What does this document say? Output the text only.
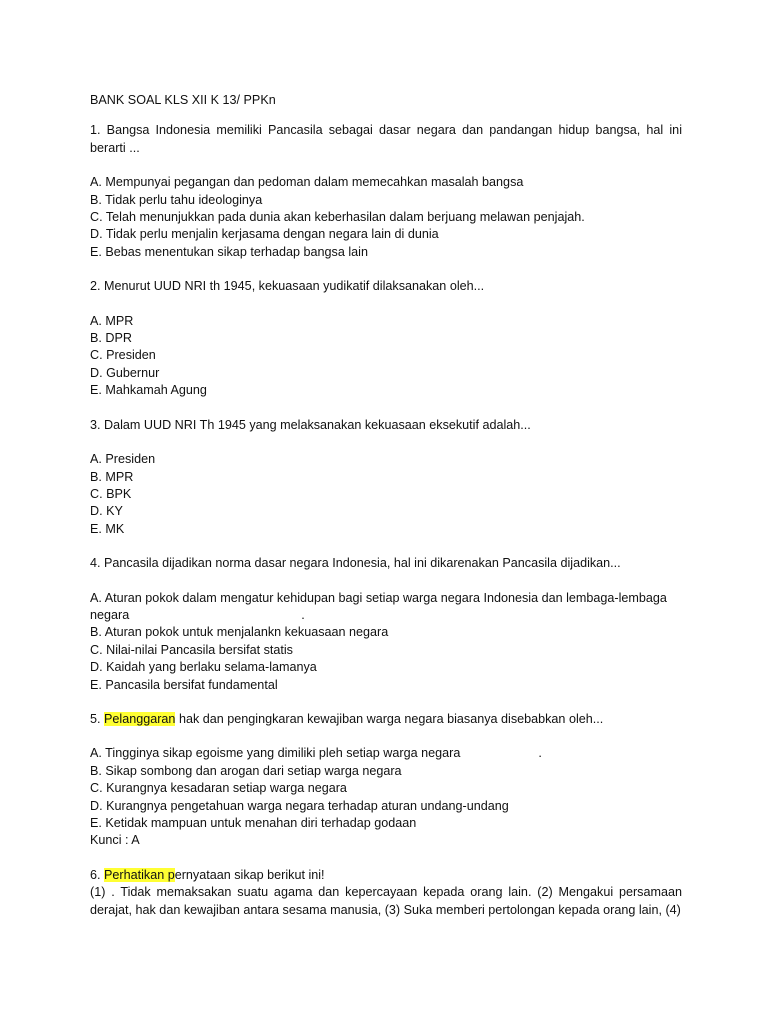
BANK SOAL KLS XII K 13/ PPKn
1. Bangsa Indonesia memiliki Pancasila sebagai dasar negara dan pandangan hidup bangsa, hal ini berarti ...
A. Mempunyai pegangan dan pedoman dalam memecahkan masalah bangsa
B. Tidak perlu tahu ideologinya
C. Telah menunjukkan pada dunia akan keberhasilan dalam berjuang melawan penjajah.
D. Tidak perlu menjalin kerjasama dengan negara lain di dunia
E. Bebas menentukan sikap terhadap bangsa lain
2. Menurut UUD NRI th 1945, kekuasaan yudikatif dilaksanakan oleh...
A. MPR
B. DPR
C. Presiden
D. Gubernur
E. Mahkamah Agung
3. Dalam UUD NRI Th 1945 yang melaksanakan kekuasaan eksekutif adalah...
A. Presiden
B. MPR
C. BPK
D. KY
E. MK
4. Pancasila dijadikan norma dasar negara Indonesia, hal ini dikarenakan Pancasila dijadikan...
A. Aturan pokok dalam mengatur kehidupan bagi setiap warga negara Indonesia dan lembaga-lembaga
negara	.
B. Aturan pokok untuk menjalankn kekuasaan negara
C. Nilai-nilai Pancasila bersifat statis
D. Kaidah yang berlaku selama-lamanya
E. Pancasila bersifat fundamental
5. Pelanggaran hak dan pengingkaran kewajiban warga negara biasanya disebabkan oleh...
A. Tingginya sikap egoisme yang dimiliki pleh setiap warga negara	.
B. Sikap sombong dan arogan dari setiap warga negara
C. Kurangnya kesadaran setiap warga negara
D. Kurangnya pengetahuan warga negara terhadap aturan undang-undang
E. Ketidak mampuan untuk menahan diri terhadap godaan
Kunci : A
6. Perhatikan pernyataan sikap berikut ini!
(1) . Tidak memaksakan suatu agama dan kepercayaan kepada orang lain. (2) Mengakui persamaan derajat, hak dan kewajiban antara sesama manusia, (3) Suka memberi pertolongan kepada orang lain, (4)
